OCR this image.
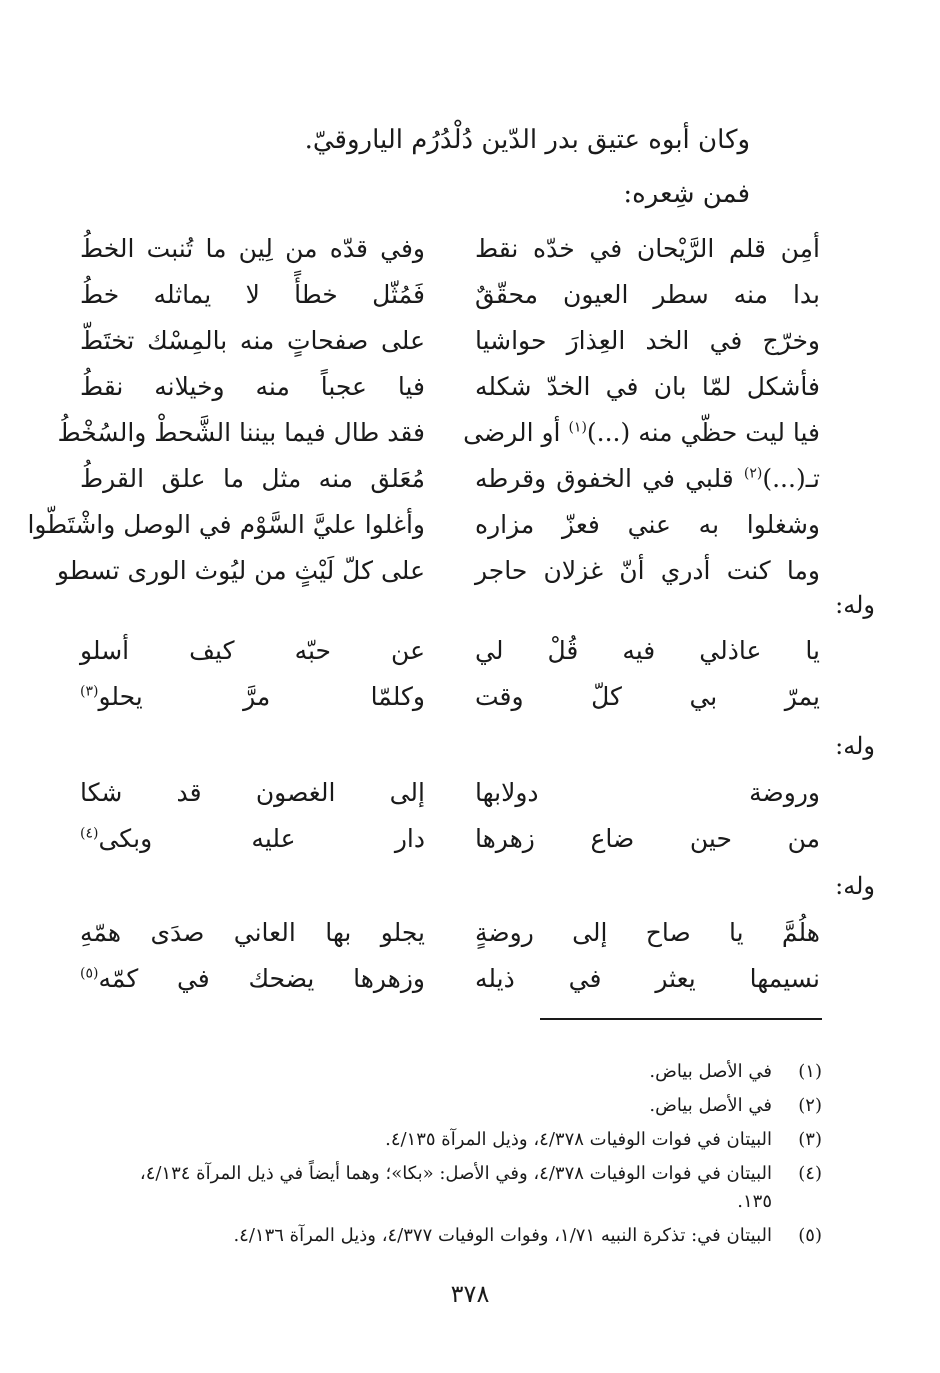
وكان أبوه عتيق بدر الدّين دُلْدُرُم الياروقيّ.
فمن شِعره:
أمِن قلم الرَّيْحان في خدّه نقط
وفي قدّه من لِين ما تُنبت الخطُ
بدا منه سطر العيون محقّقٌ
فَمُثّل خطأً لا يماثله خطُ
وخرّج في الخد العِذارَ حواشيا
على صفحاتٍ منه بالمِسْك تختَطّ
فأشكل لمّا بان في الخدّ شكله
فيا عجباً منه وخيلانه نقطُ
فيا ليت حظّي منه (...)$^{(١)}$ أو الرضى
فقد طال فيما بيننا الشَّحطْ والسُخْطُ
تـ(...)$^{(٢)}$ قلبي في الخفوق وقرطه
مُعَلق منه مثل ما علق القرطُ
وشغلوا به عني فعزّ مزاره
وأغلوا عليَّ السَّوْم في الوصل واشْتَطّوا
وما كنت أدري أنّ غزلان حاجر
على كلّ لَيْثٍ من ليُوث الورى تسطو
وله:
يا عاذلي فيه قُلْ لي
عن حبّه كيف أسلو
يمرّ بي كلّ وقت
وكلمّا مرَّ يحلو$^{(٣)}$
وله:
وروضة دولابها
إلى الغصون قد شكا
من حين ضاع زهرها
دار عليه وبكى$^{(٤)}$
وله:
هلُمَّ يا صاح إلى روضةٍ
يجلو بها العاني صدَى همّهِ
نسيمها يعثر في ذيله
وزهرها يضحك في كمّه$^{(٥)}$
(١)
في الأصل بياض.
(٢)
في الأصل بياض.
(٣)
البيتان في فوات الوفيات ٤/٣٧٨، وذيل المرآة ٤/١٣٥.
(٤)
البيتان في فوات الوفيات ٤/٣٧٨، وفي الأصل: «بكا»؛ وهما أيضاً في ذيل المرآة ٤/١٣٤، ١٣٥.
(٥)
البيتان في: تذكرة النبيه ١/٧١، وفوات الوفيات ٤/٣٧٧، وذيل المرآة ٤/١٣٦.
٣٧٨
